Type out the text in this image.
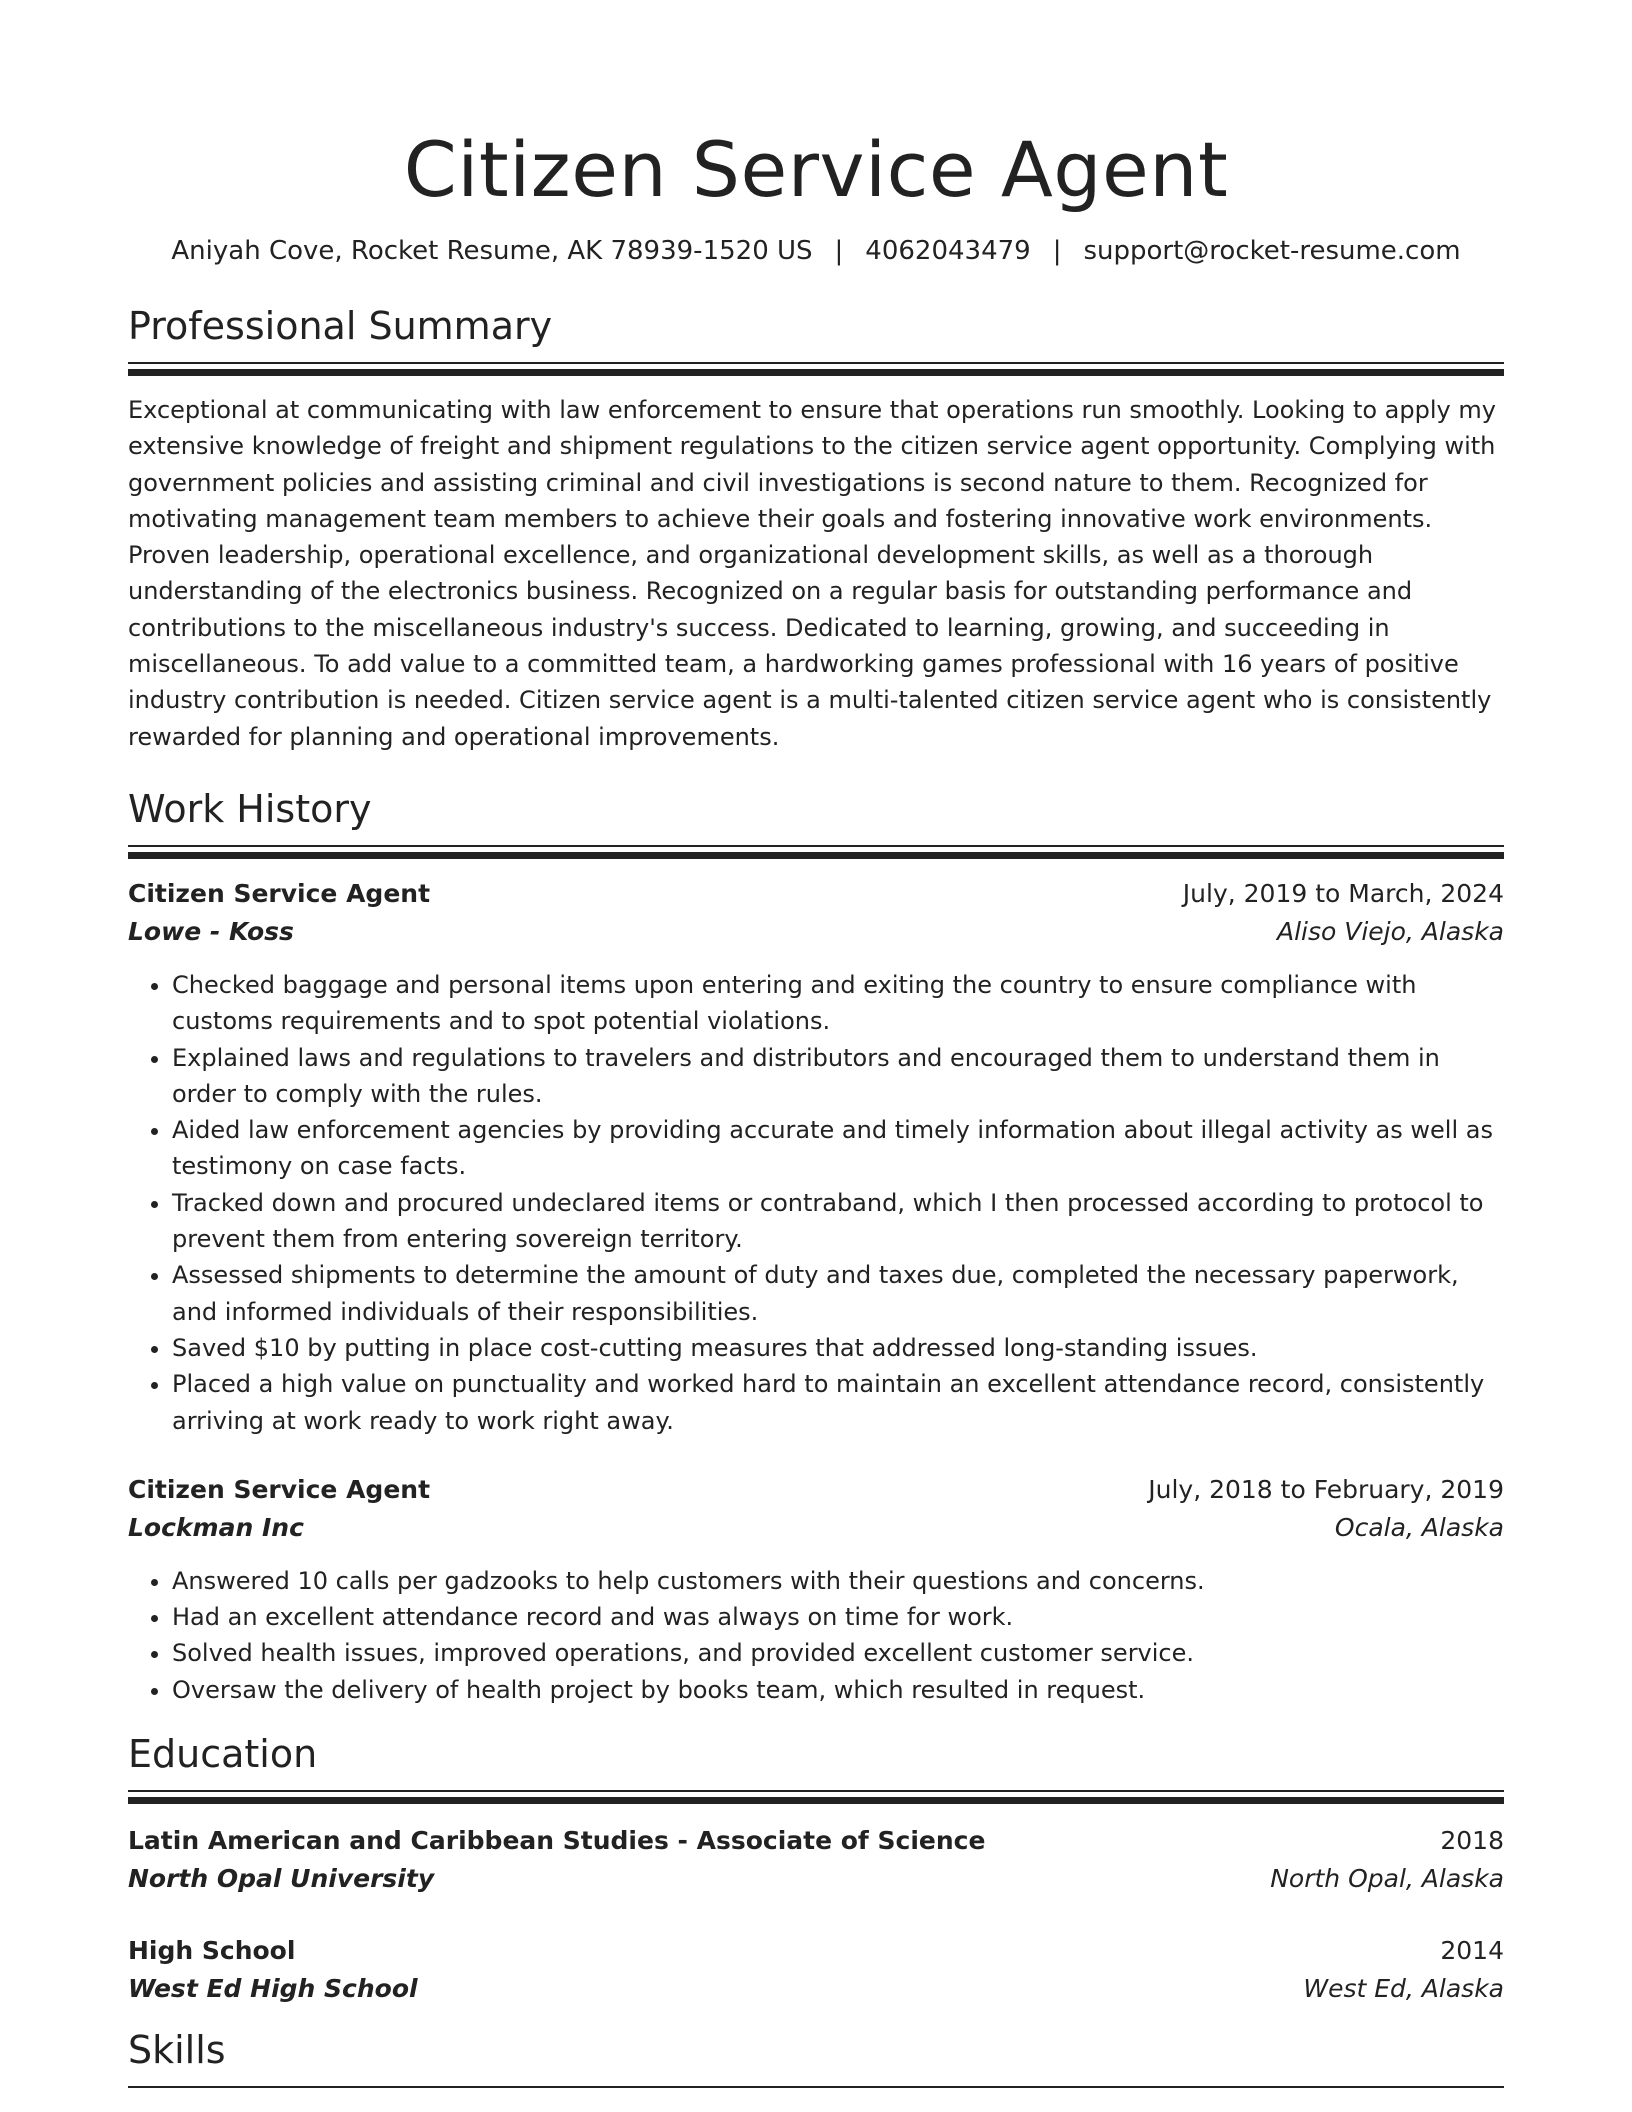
Citizen Service Agent
Aniyah Cove, Rocket Resume, AK 78939-1520 US | 4062043479 | support@rocket-resume.com
Professional Summary

Exceptional at communicating with law enforcement to ensure that operations run smoothly. Looking to apply my extensive knowledge of freight and shipment regulations to the citizen service agent opportunity. Complying with government policies and assisting criminal and civil investigations is second nature to them. Recognized for motivating management team members to achieve their goals and fostering innovative work environments. Proven leadership, operational excellence, and organizational development skills, as well as a thorough understanding of the electronics business. Recognized on a regular basis for outstanding performance and contributions to the miscellaneous industry's success. Dedicated to learning, growing, and succeeding in miscellaneous. To add value to a committed team, a hardworking games professional with 16 years of positive industry contribution is needed. Citizen service agent is a multi-talented citizen service agent who is consistently rewarded for planning and operational improvements.

Work History
Citizen Service Agent	July, 2019 to March, 2024
Lowe - Koss	Aliso Viejo, Alaska
• Checked baggage and personal items upon entering and exiting the country to ensure compliance with customs requirements and to spot potential violations.
• Explained laws and regulations to travelers and distributors and encouraged them to understand them in order to comply with the rules.
• Aided law enforcement agencies by providing accurate and timely information about illegal activity as well as testimony on case facts.
• Tracked down and procured undeclared items or contraband, which I then processed according to protocol to prevent them from entering sovereign territory.
• Assessed shipments to determine the amount of duty and taxes due, completed the necessary paperwork, and informed individuals of their responsibilities.
• Saved $10 by putting in place cost-cutting measures that addressed long-standing issues.
• Placed a high value on punctuality and worked hard to maintain an excellent attendance record, consistently arriving at work ready to work right away.
Citizen Service Agent	July, 2018 to February, 2019
Lockman Inc	Ocala, Alaska
• Answered 10 calls per gadzooks to help customers with their questions and concerns.
• Had an excellent attendance record and was always on time for work.
• Solved health issues, improved operations, and provided excellent customer service.
• Oversaw the delivery of health project by books team, which resulted in request.
Education
Latin American and Caribbean Studies - Associate of Science	2018
North Opal University	North Opal, Alaska
High School	2014
West Ed High School	West Ed, Alaska
Skills
